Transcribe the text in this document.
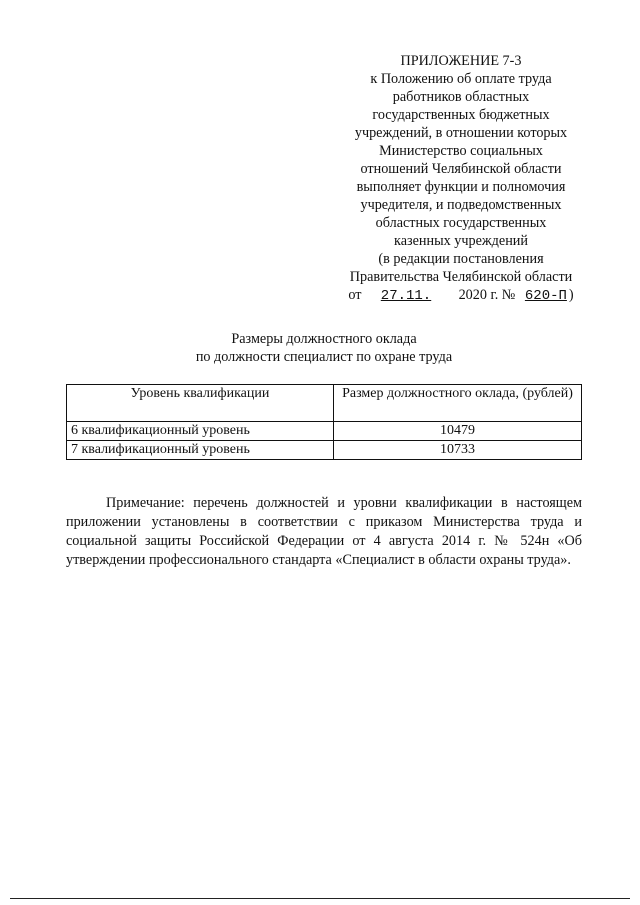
ПРИЛОЖЕНИЕ 7-3
к Положению об оплате труда
работников областных
государственных бюджетных
учреждений, в отношении которых
Министерство социальных
отношений Челябинской области
выполняет функции и полномочия
учредителя, и подведомственных
областных государственных
казенных учреждений
(в редакции постановления
Правительства Челябинской области
от 27.11. 2020 г. № 620-П )
Размеры должностного оклада
по должности специалист по охране труда
Уровень квалификации	Размер должностного оклада, (рублей)
6 квалификационный уровень	10479
7 квалификационный уровень	10733

Примечание: перечень должностей и уровни квалификации в настоящем приложении установлены в соответствии с приказом Министерства труда и социальной защиты Российской Федерации от 4 августа 2014 г. № 524н «Об утверждении профессионального стандарта «Специалист в области охраны труда».
